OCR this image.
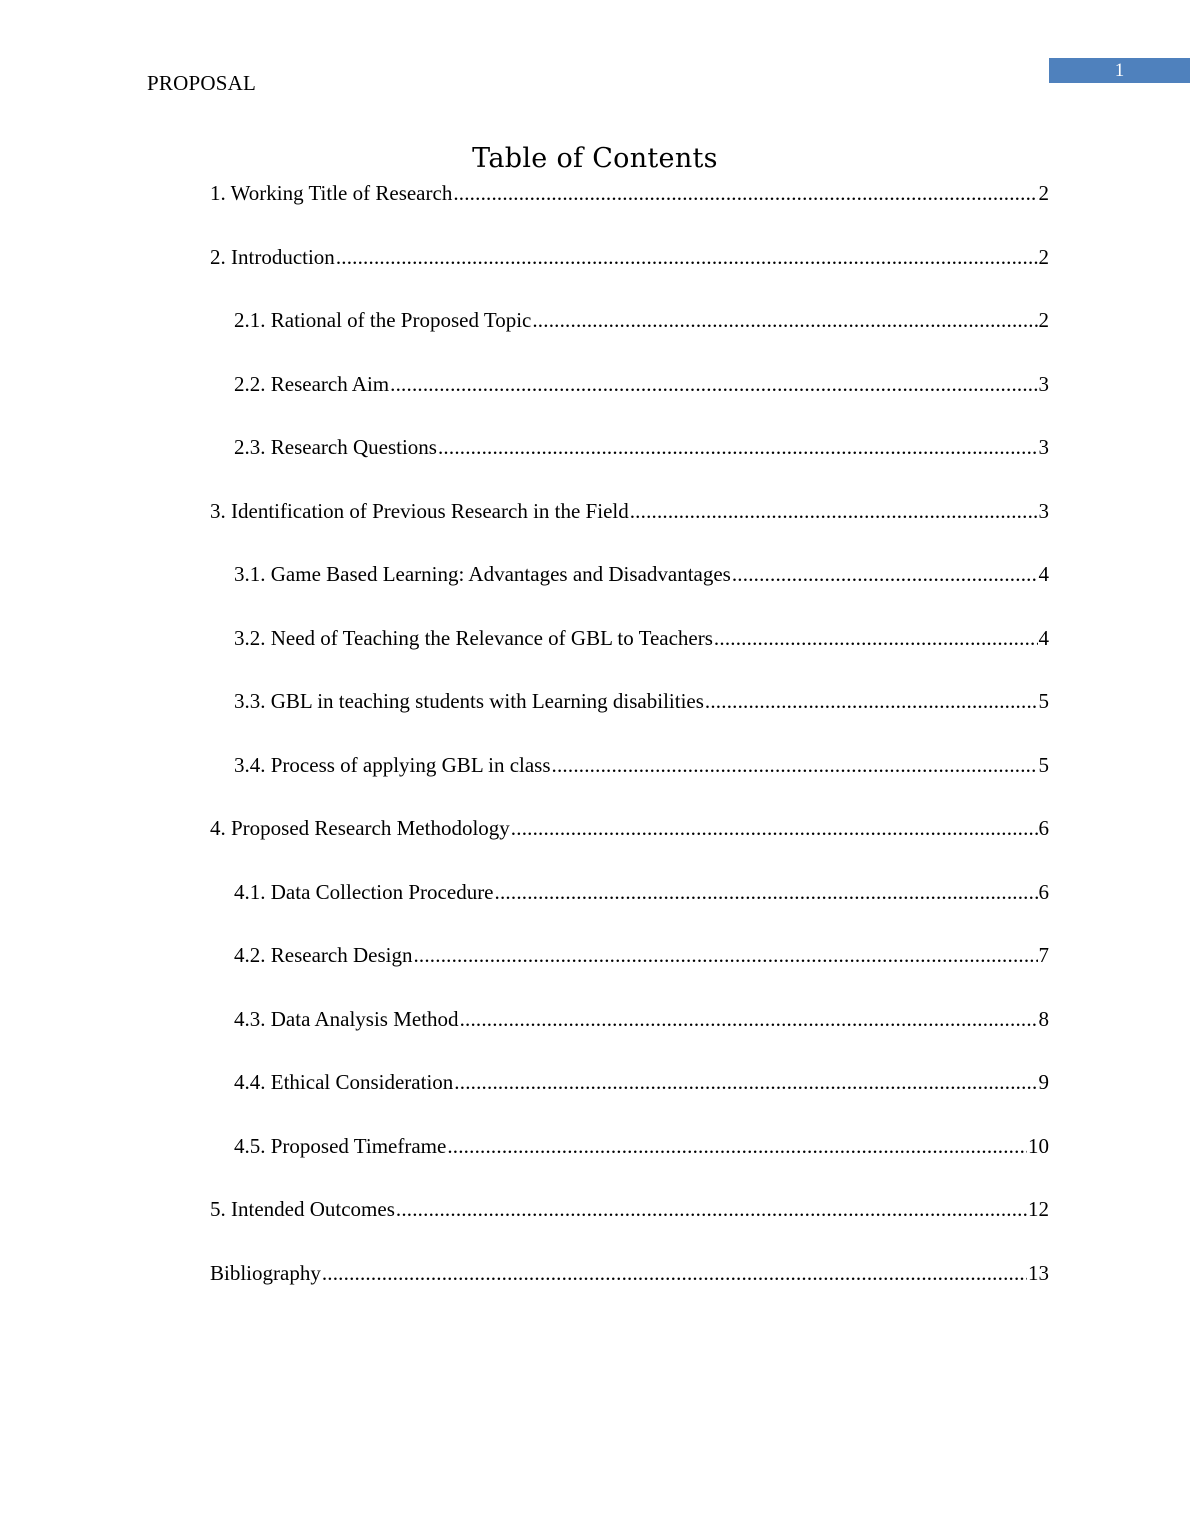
PROPOSAL
1
Table of Contents
1. Working Title of Research .....	2
2. Introduction .....	2
2.1. Rational of the Proposed Topic .....	2
2.2. Research Aim .....	3
2.3. Research Questions .....	3
3. Identification of Previous Research in the Field .....	3
3.1. Game Based Learning: Advantages and Disadvantages .....	4
3.2. Need of Teaching the Relevance of GBL to Teachers .....	4
3.3. GBL in teaching students with Learning disabilities .....	5
3.4. Process of applying GBL in class .....	5
4. Proposed Research Methodology .....	6
4.1. Data Collection Procedure .....	6
4.2. Research Design .....	7
4.3. Data Analysis Method .....	8
4.4. Ethical Consideration .....	9
4.5. Proposed Timeframe .....	10
5. Intended Outcomes .....	12
Bibliography .....	13
